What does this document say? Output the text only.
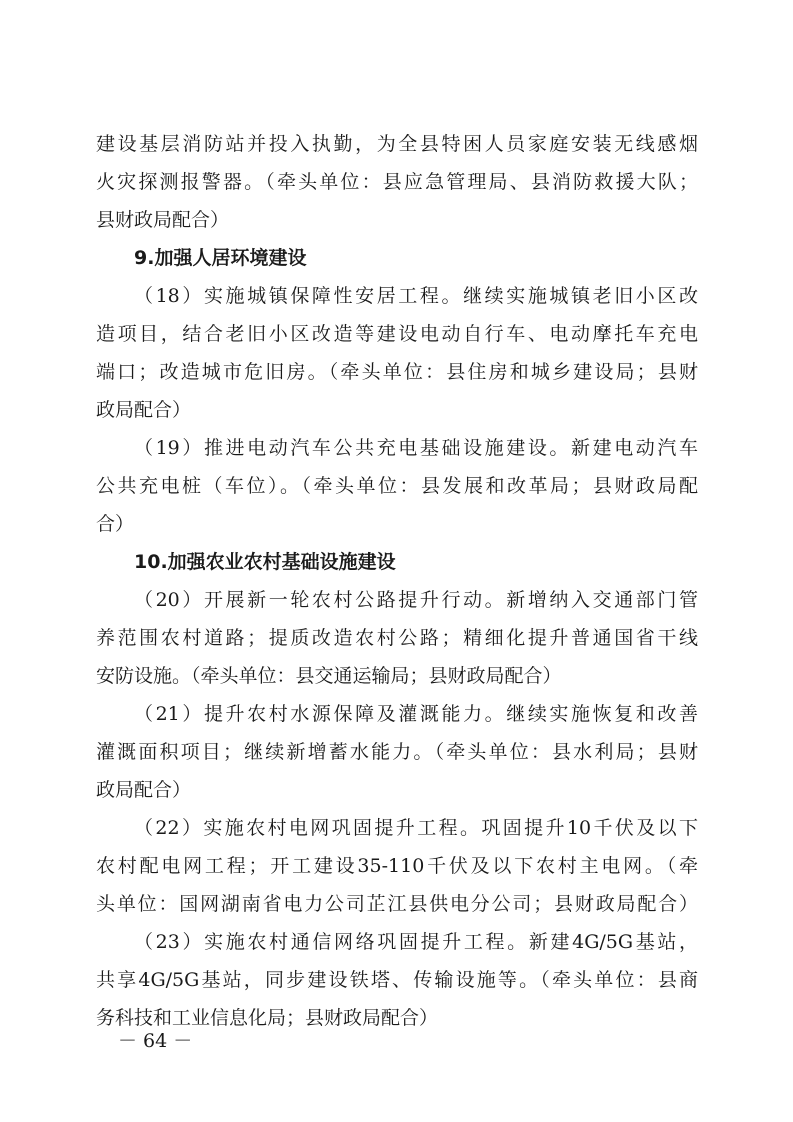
建设基层消防站并投入执勤，为全县特困人员家庭安装无线感烟
火灾探测报警器。（牵头单位：县应急管理局、县消防救援大队；
县财政局配合）
9.加强人居环境建设
（18）实施城镇保障性安居工程。继续实施城镇老旧小区改
造项目，结合老旧小区改造等建设电动自行车、电动摩托车充电
端口；改造城市危旧房。（牵头单位：县住房和城乡建设局；县财
政局配合）
（19）推进电动汽车公共充电基础设施建设。新建电动汽车
公共充电桩（车位）。（牵头单位：县发展和改革局；县财政局配
合）
10.加强农业农村基础设施建设
（20）开展新一轮农村公路提升行动。新增纳入交通部门管
养范围农村道路；提质改造农村公路；精细化提升普通国省干线
安防设施。（牵头单位：县交通运输局；县财政局配合）
（21）提升农村水源保障及灌溉能力。继续实施恢复和改善
灌溉面积项目；继续新增蓄水能力。（牵头单位：县水利局；县财
政局配合）
（22）实施农村电网巩固提升工程。巩固提升10千伏及以下
农村配电网工程；开工建设35-110千伏及以下农村主电网。（牵
头单位：国网湖南省电力公司芷江县供电分公司；县财政局配合）
（23）实施农村通信网络巩固提升工程。新建4G/5G基站，
共享4G/5G基站，同步建设铁塔、传输设施等。（牵头单位：县商
务科技和工业信息化局；县财政局配合）
－ 64 －
